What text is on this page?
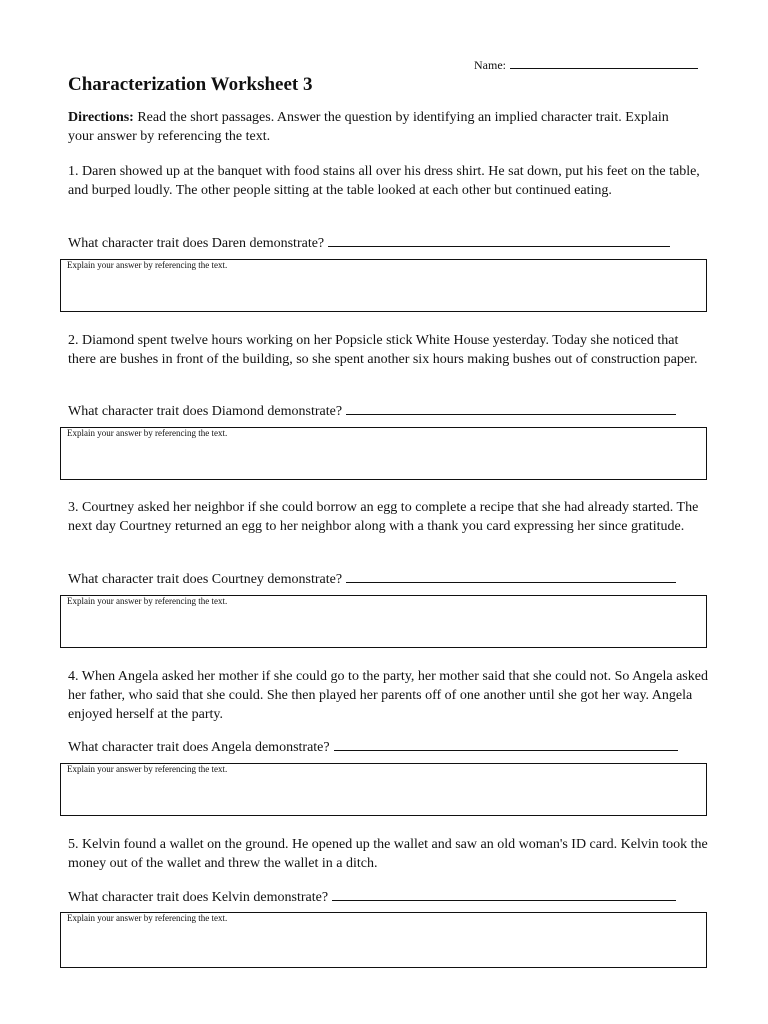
Name:
Characterization Worksheet 3

Directions: Read the short passages. Answer the question by identifying an implied character trait. Explain your answer by referencing the text.

1. Daren showed up at the banquet with food stains all over his dress shirt. He sat down, put his feet on the table, and burped loudly. The other people sitting at the table looked at each other but continued eating.

What character trait does Daren demonstrate?
Explain your answer by referencing the text.

2. Diamond spent twelve hours working on her Popsicle stick White House yesterday. Today she noticed that there are bushes in front of the building, so she spent another six hours making bushes out of construction paper.

What character trait does Diamond demonstrate?
Explain your answer by referencing the text.

3. Courtney asked her neighbor if she could borrow an egg to complete a recipe that she had already started. The next day Courtney returned an egg to her neighbor along with a thank you card expressing her since gratitude.

What character trait does Courtney demonstrate?
Explain your answer by referencing the text.

4. When Angela asked her mother if she could go to the party, her mother said that she could not. So Angela asked her father, who said that she could. She then played her parents off of one another until she got her way. Angela enjoyed herself at the party.

What character trait does Angela demonstrate?
Explain your answer by referencing the text.

5. Kelvin found a wallet on the ground. He opened up the wallet and saw an old woman's ID card. Kelvin took the money out of the wallet and threw the wallet in a ditch.

What character trait does Kelvin demonstrate?
Explain your answer by referencing the text.
